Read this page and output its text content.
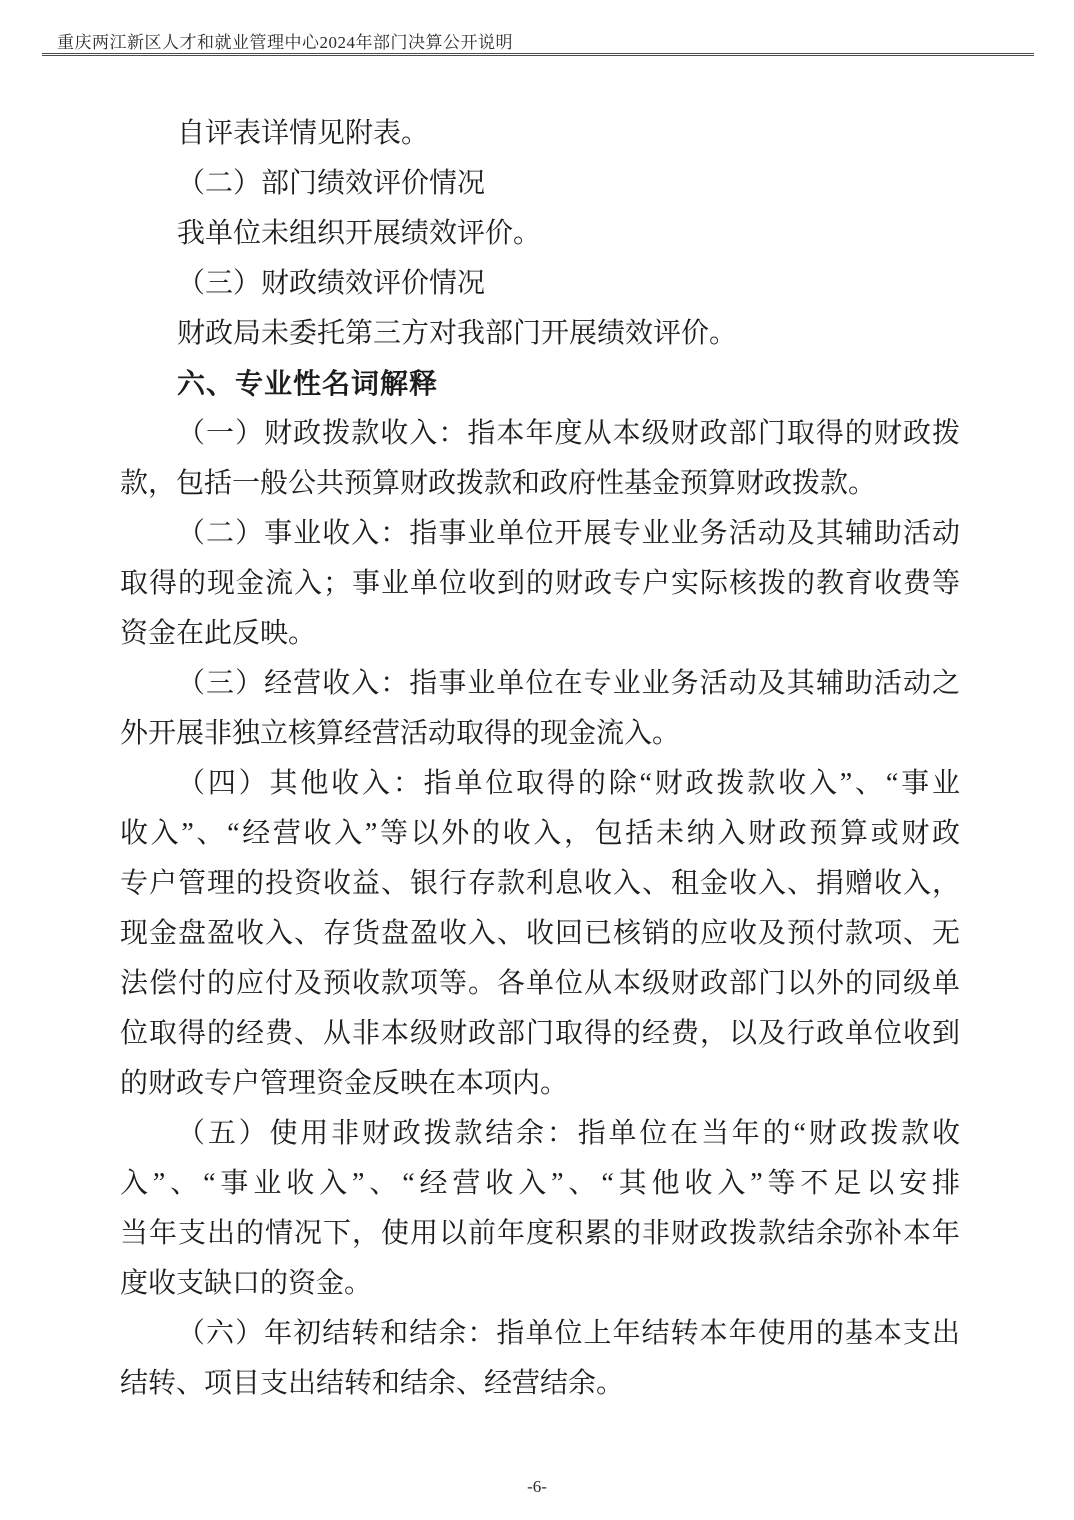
重庆两江新区人才和就业管理中心2024年部门决算公开说明
自评表详情见附表。
（二）部门绩效评价情况
我单位未组织开展绩效评价。
（三）财政绩效评价情况
财政局未委托第三方对我部门开展绩效评价。
六、专业性名词解释
（一）财政拨款收入：指本年度从本级财政部门取得的财政拨
款，包括一般公共预算财政拨款和政府性基金预算财政拨款。
（二）事业收入：指事业单位开展专业业务活动及其辅助活动
取得的现金流入；事业单位收到的财政专户实际核拨的教育收费等
资金在此反映。
（三）经营收入：指事业单位在专业业务活动及其辅助活动之
外开展非独立核算经营活动取得的现金流入。
（四）其他收入：指单位取得的除“财政拨款收入”、“事业
收入”、“经营收入”等以外的收入，包括未纳入财政预算或财政
专户管理的投资收益、银行存款利息收入、租金收入、捐赠收入，
现金盘盈收入、存货盘盈收入、收回已核销的应收及预付款项、无
法偿付的应付及预收款项等。各单位从本级财政部门以外的同级单
位取得的经费、从非本级财政部门取得的经费，以及行政单位收到
的财政专户管理资金反映在本项内。
（五）使用非财政拨款结余：指单位在当年的“财政拨款收
入”、“事业收入”、“经营收入”、“其他收入”等不足以安排
当年支出的情况下，使用以前年度积累的非财政拨款结余弥补本年
度收支缺口的资金。
（六）年初结转和结余：指单位上年结转本年使用的基本支出
结转、项目支出结转和结余、经营结余。
-6-
